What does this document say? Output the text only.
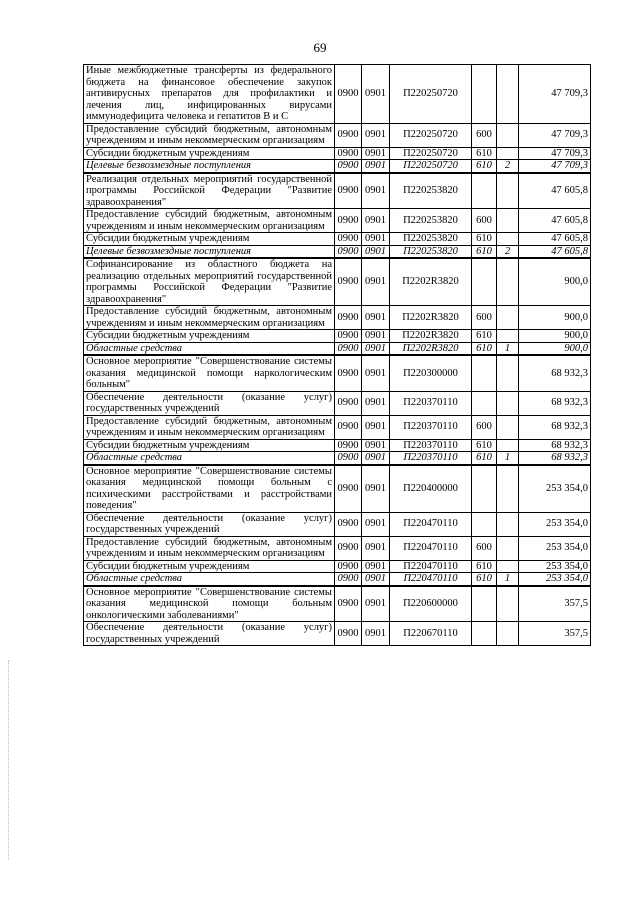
69
Иные межбюджетные трансферты из федерального бюджета на финансовое обеспечение закупок антивирусных препаратов для профилактики и лечения лиц, инфицированных вирусами иммунодефицита человека и гепатитов В и С	0900	0901	П220250720			47 709,3
Предоставление субсидий бюджетным, автономным учреждениям и иным некоммерческим организациям	0900	0901	П220250720	600		47 709,3
Субсидии бюджетным учреждениям	0900	0901	П220250720	610		47 709,3
Целевые безвозмездные поступления	0900	0901	П220250720	610	2	47 709,3
Реализация отдельных мероприятий государственной программы Российской Федерации "Развитие здравоохранения"	0900	0901	П220253820			47 605,8
Предоставление субсидий бюджетным, автономным учреждениям и иным некоммерческим организациям	0900	0901	П220253820	600		47 605,8
Субсидии бюджетным учреждениям	0900	0901	П220253820	610		47 605,8
Целевые безвозмездные поступления	0900	0901	П220253820	610	2	47 605,8
Софинансирование из областного бюджета на реализацию отдельных мероприятий государственной программы Российской Федерации "Развитие здравоохранения"	0900	0901	П2202R3820			900,0
Предоставление субсидий бюджетным, автономным учреждениям и иным некоммерческим организациям	0900	0901	П2202R3820	600		900,0
Субсидии бюджетным учреждениям	0900	0901	П2202R3820	610		900,0
Областные средства	0900	0901	П2202R3820	610	1	900,0
Основное мероприятие "Совершенствование системы оказания медицинской помощи наркологическим больным"	0900	0901	П220300000			68 932,3
Обеспечение деятельности (оказание услуг) государственных учреждений	0900	0901	П220370110			68 932,3
Предоставление субсидий бюджетным, автономным учреждениям и иным некоммерческим организациям	0900	0901	П220370110	600		68 932,3
Субсидии бюджетным учреждениям	0900	0901	П220370110	610		68 932,3
Областные средства	0900	0901	П220370110	610	1	68 932,3
Основное мероприятие "Совершенствование системы оказания медицинской помощи больным с психическими расстройствами и расстройствами поведения"	0900	0901	П220400000			253 354,0
Обеспечение деятельности (оказание услуг) государственных учреждений	0900	0901	П220470110			253 354,0
Предоставление субсидий бюджетным, автономным учреждениям и иным некоммерческим организациям	0900	0901	П220470110	600		253 354,0
Субсидии бюджетным учреждениям	0900	0901	П220470110	610		253 354,0
Областные средства	0900	0901	П220470110	610	1	253 354,0
Основное мероприятие "Совершенствование системы оказания медицинской помощи больным онкологическими заболеваниями"	0900	0901	П220600000			357,5
Обеспечение деятельности (оказание услуг) государственных учреждений	0900	0901	П220670110			357,5
